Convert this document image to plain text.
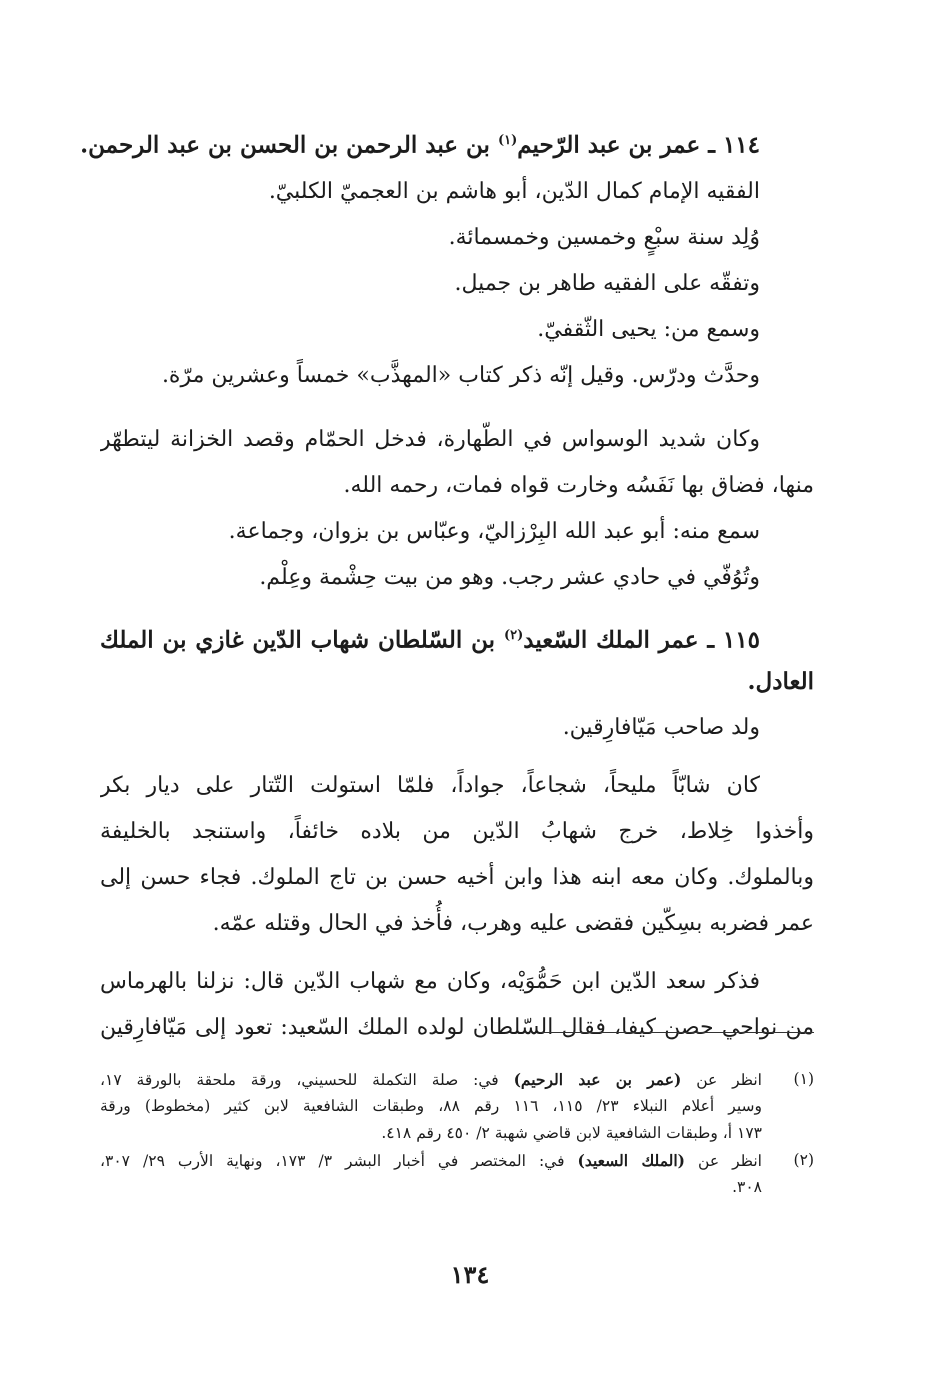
١١٤ ـ عمر بن عبد الرّحيم$^{(١)}$ بن عبد الرحمن بن الحسن بن عبد الرحمن.
الفقيه الإمام كمال الدّين، أبو هاشم بن العجميّ الكلبيّ.
وُلِد سنة سبْعٍ وخمسين وخمسمائة.
وتفقّه على الفقيه طاهر بن جميل.
وسمع من: يحيى الثّقفيّ.
وحدَّث ودرّس. وقيل إنّه ذكر كتاب «المهذَّب» خمساً وعشرين مرّة.
وكان شديد الوسواس في الطّهارة، فدخل الحمّام وقصد الخزانة ليتطهّر
منها، فضاق بها نَفَسُه وخارت قواه فمات، رحمه الله.
سمع منه: أبو عبد الله البِرْزاليّ، وعبّاس بن بزوان، وجماعة.
وتُوُفّي في حادي عشر رجب. وهو من بيت حِشْمة وعِلْم.
١١٥ ـ عمر الملك السّعيد$^{(٢)}$ بن السّلطان شهاب الدّين غازي بن الملك
العادل.
ولد صاحب مَيّافارِقين.
كان شابّاً مليحاً، شجاعاً، جواداً، فلمّا استولت التّتار على ديار بكر
وأخذوا خِلاط، خرج شهابُ الدّين من بلاده خائفاً، واستنجد بالخليفة
وبالملوك. وكان معه ابنه هذا وابن أخيه حسن بن تاج الملوك. فجاء حسن إلى
عمر فضربه بسِكّين فقضى عليه وهرب، فأُخذ في الحال وقتله عمّه.
فذكر سعد الدّين ابن حَمُّوَيْه، وكان مع شهاب الدّين قال: نزلنا بالهرماس
من نواحي حصن كيفا، فقال السّلطان لولده الملك السّعيد: تعود إلى مَيّافارِقين
(١)
انظر عن (عمر بن عبد الرحيم) في: صلة التكملة للحسيني، ورقة ملحقة بالورقة ١٧،
وسير أعلام النبلاء ٢٣/ ١١٥، ١١٦ رقم ٨٨، وطبقات الشافعية لابن كثير (مخطوط) ورقة
١٧٣ أ، وطبقات الشافعية لابن قاضي شهبة ٢/ ٤٥٠ رقم ٤١٨.
(٢)
انظر عن (الملك السعيد) في: المختصر في أخبار البشر ٣/ ١٧٣، ونهاية الأرب ٢٩/ ٣٠٧،
٣٠٨.
١٣٤
